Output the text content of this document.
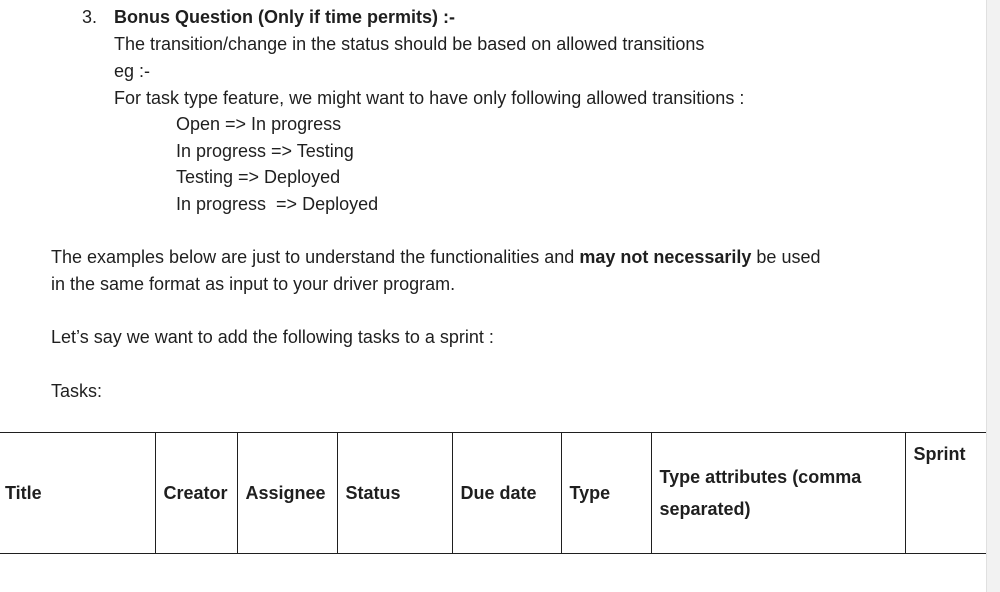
3. Bonus Question (Only if time permits) :-
The transition/change in the status should be based on allowed transitions
eg :-
For task type feature, we might want to have only following allowed transitions :
Open => In progress
In progress => Testing
Testing => Deployed
In progress  => Deployed
The examples below are just to understand the functionalities and may not necessarily be used
in the same format as input to your driver program.
Let’s say we want to add the following tasks to a sprint :
Tasks:
Title	Creator	Assignee	Status	Due date	Type	Type attributes (comma separated)	Sprint
